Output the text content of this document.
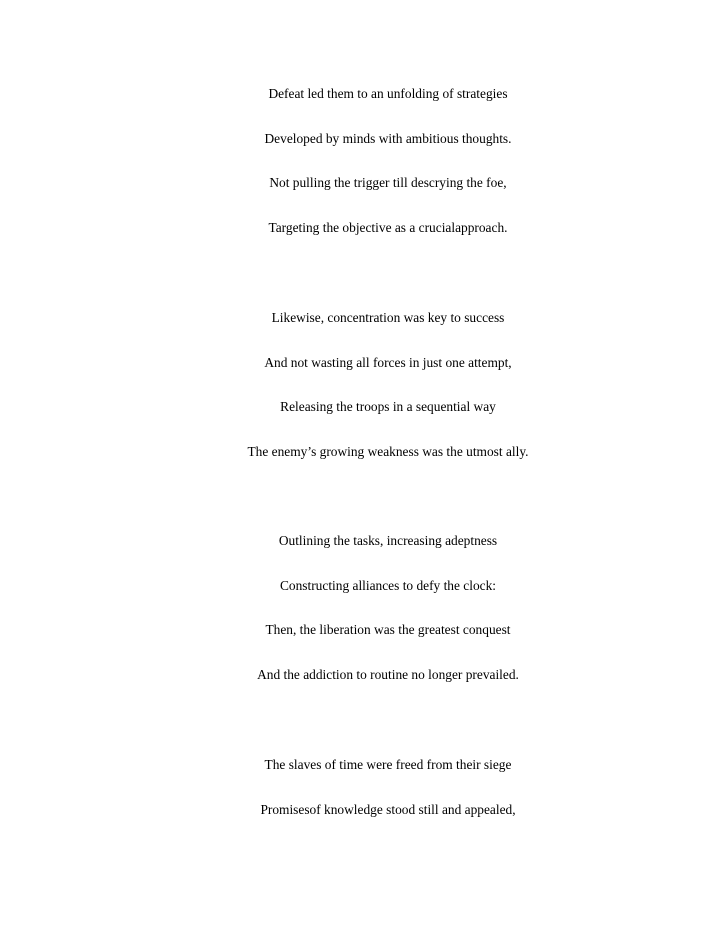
Defeat led them to an unfolding of strategies
Developed by minds with ambitious thoughts.
Not pulling the trigger till descrying the foe,
Targeting the objective as a crucialapproach.
Likewise, concentration was key to success
And not wasting all forces in just one attempt,
Releasing the troops in a sequential way
The enemy’s growing weakness was the utmost ally.
Outlining the tasks, increasing adeptness
Constructing alliances to defy the clock:
Then, the liberation was the greatest conquest
And the addiction to routine no longer prevailed.
The slaves of time were freed from their siege
Promisesof knowledge stood still and appealed,
